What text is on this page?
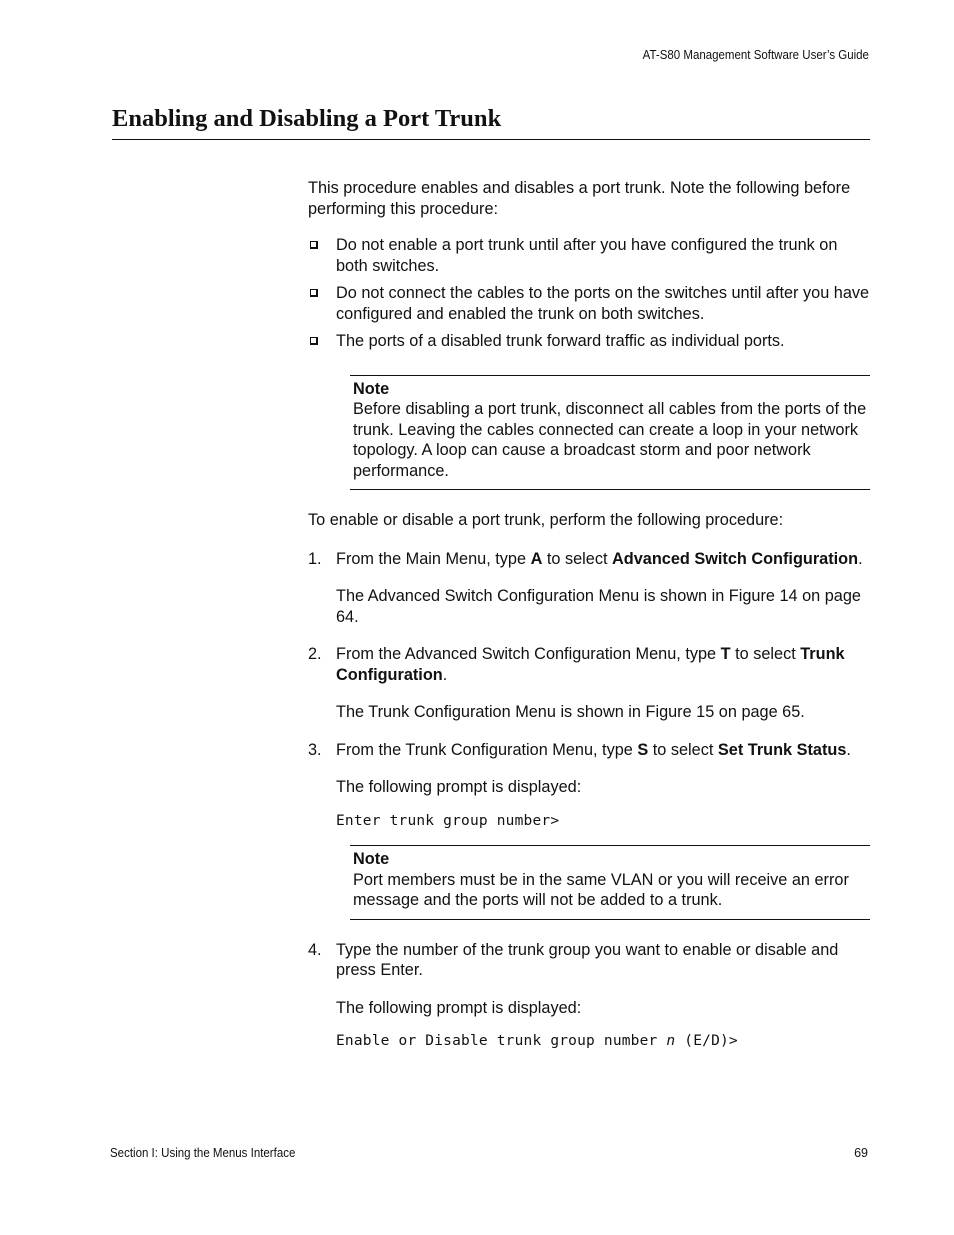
AT-S80 Management Software User’s Guide
Enabling and Disabling a Port Trunk

This procedure enables and disables a port trunk. Note the following before performing this procedure:

Do not enable a port trunk until after you have configured the trunk on both switches.
Do not connect the cables to the ports on the switches until after you have configured and enabled the trunk on both switches.
The ports of a disabled trunk forward traffic as individual ports.
Note
Before disabling a port trunk, disconnect all cables from the ports of the trunk. Leaving the cables connected can create a loop in your network topology. A loop can cause a broadcast storm and poor network performance.

To enable or disable a port trunk, perform the following procedure:

1. From the Main Menu, type A to select Advanced Switch Configuration.

The Advanced Switch Configuration Menu is shown in Figure 14 on page 64.

2. From the Advanced Switch Configuration Menu, type T to select Trunk Configuration.

The Trunk Configuration Menu is shown in Figure 15 on page 65.

3. From the Trunk Configuration Menu, type S to select Set Trunk Status.

The following prompt is displayed:

Enter trunk group number>

Note
Port members must be in the same VLAN or you will receive an error message and the ports will not be added to a trunk.
4. Type the number of the trunk group you want to enable or disable and press Enter.

The following prompt is displayed:

Enable or Disable trunk group number n (E/D)>

Section I: Using the Menus Interface	69
